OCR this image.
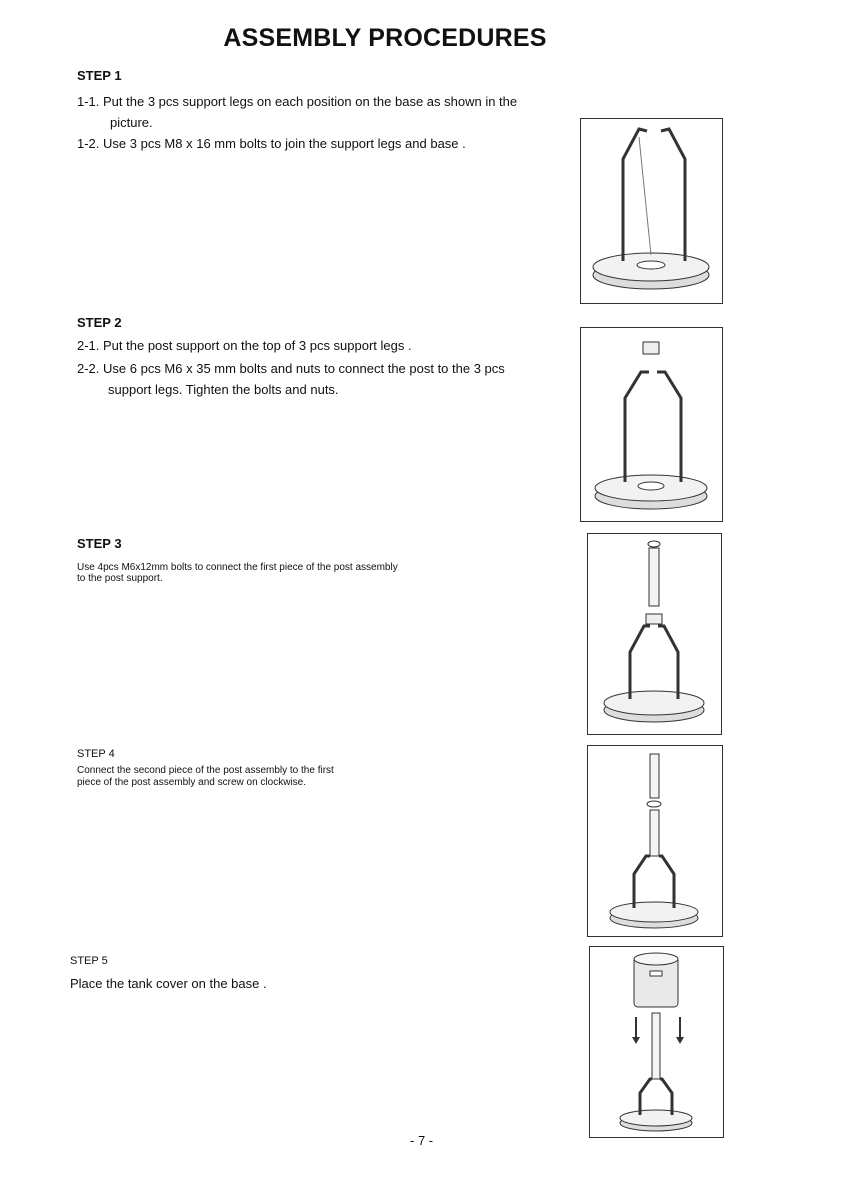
ASSEMBLY PROCEDURES
STEP 1
1-1. Put the 3 pcs support legs on each position on the base as shown in the
picture.
1-2. Use 3 pcs M8 x 16 mm bolts to join the support legs and base .
STEP 2
2-1. Put the post support on the top of 3 pcs support legs .
2-2. Use 6 pcs M6 x 35 mm bolts and nuts to connect the post to the 3 pcs
support legs. Tighten the bolts and nuts.
STEP 3
Use 4pcs M6x12mm bolts to connect the first piece of the post assembly
to the post support.
STEP 4
Connect the second piece of the post assembly to the first
piece of the post assembly and screw on clockwise.
STEP 5
Place the tank cover on the base .
- 7 -
